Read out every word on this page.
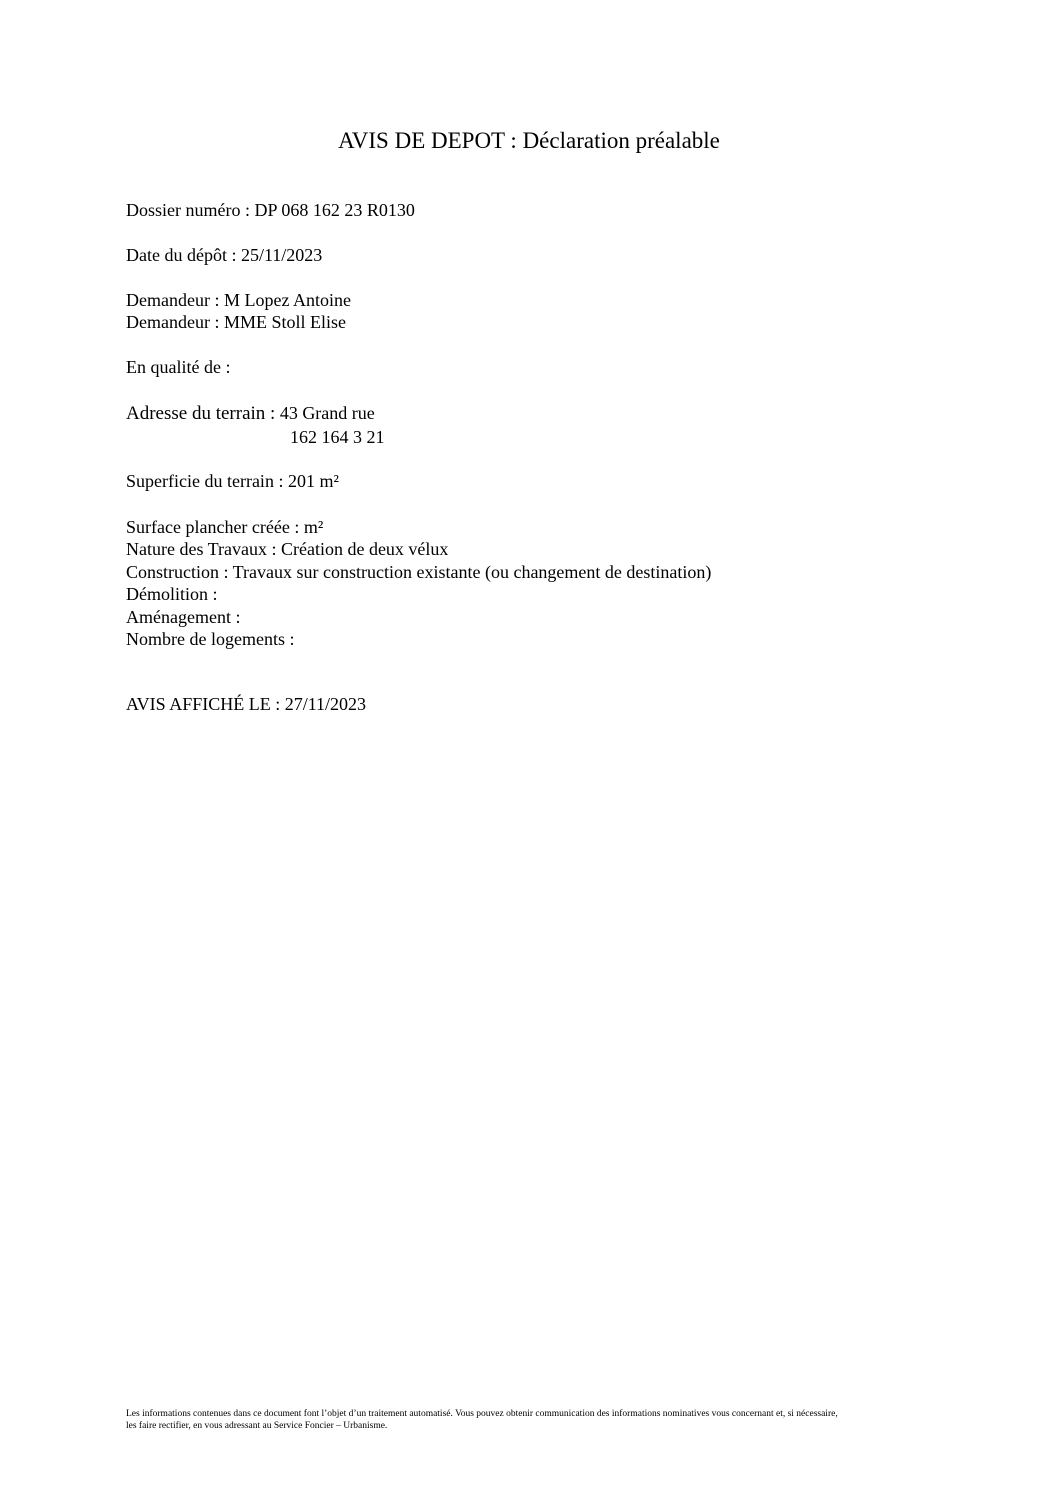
AVIS DE DEPOT : Déclaration préalable
Dossier numéro : DP 068 162 23 R0130
Date du dépôt : 25/11/2023
Demandeur : M Lopez Antoine
Demandeur : MME Stoll Elise
En qualité de :
Adresse du terrain : 43 Grand rue
162 164 3 21
Superficie du terrain : 201 m²
Surface plancher créée : m²
Nature des Travaux : Création de deux vélux
Construction : Travaux sur construction existante (ou changement de destination)
Démolition :
Aménagement :
Nombre de logements :
AVIS AFFICHÉ LE : 27/11/2023
Les informations contenues dans ce document font l’objet d’un traitement automatisé. Vous pouvez obtenir communication des informations nominatives vous concernant et, si nécessaire,
les faire rectifier, en vous adressant au Service Foncier – Urbanisme.
